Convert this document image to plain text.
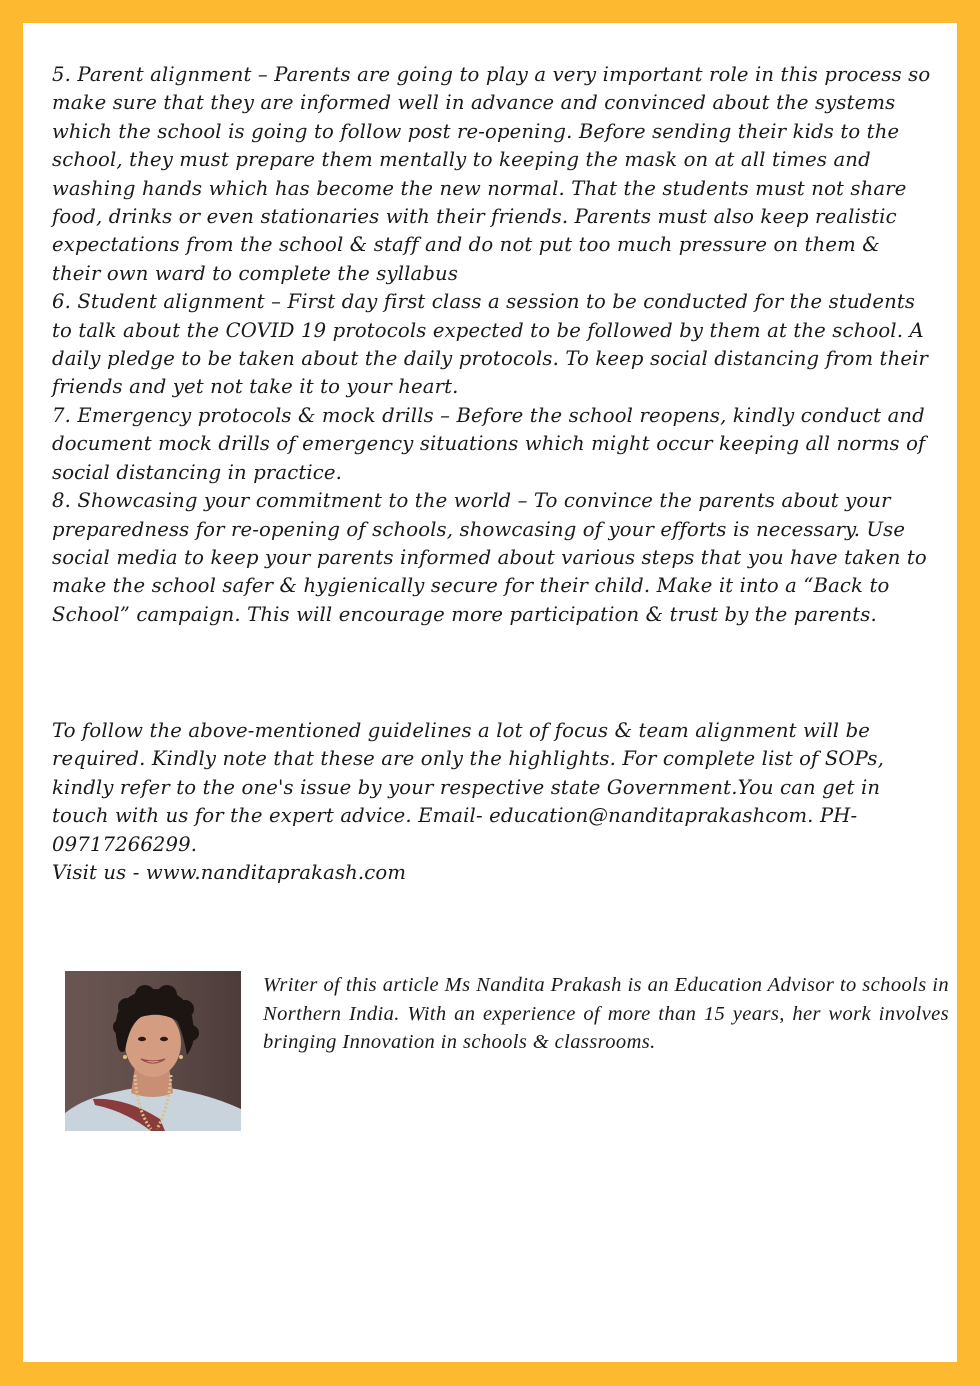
5. Parent alignment – Parents are going to play a very important role in this process so make sure that they are informed well in advance and convinced about the systems which the school is going to follow post re-opening. Before sending their kids to the school, they must prepare them mentally to keeping the mask on at all times and washing hands which has become the new normal. That the students must not share food, drinks or even stationaries with their friends. Parents must also keep realistic expectations from the school & staff and do not put too much pressure on them & their own ward to complete the syllabus

6. Student alignment – First day first class a session to be conducted for the students to talk about the COVID 19 protocols expected to be followed by them at the school. A daily pledge to be taken about the daily protocols. To keep social distancing from their friends and yet not take it to your heart.

7. Emergency protocols & mock drills – Before the school reopens, kindly conduct and document mock drills of emergency situations which might occur keeping all norms of social distancing in practice.

8. Showcasing your commitment to the world – To convince the parents about your preparedness for re-opening of schools, showcasing of your efforts is necessary. Use social media to keep your parents informed about various steps that you have taken to make the school safer & hygienically secure for their child. Make it into a “Back to School” campaign. This will encourage more participation & trust by the parents.

To follow the above-mentioned guidelines a lot of focus & team alignment will be required. Kindly note that these are only the highlights. For complete list of SOPs, kindly refer to the one's issue by your respective state Government.You can get in touch with us for the expert advice. Email- education@nanditaprakashcom. PH- 09717266299.

Visit us - www.nanditaprakash.com

Writer of this article Ms Nandita Prakash is an Education Advisor to schools in Northern India. With an experience of more than 15 years, her work involves bringing Innovation in schools & classrooms.
